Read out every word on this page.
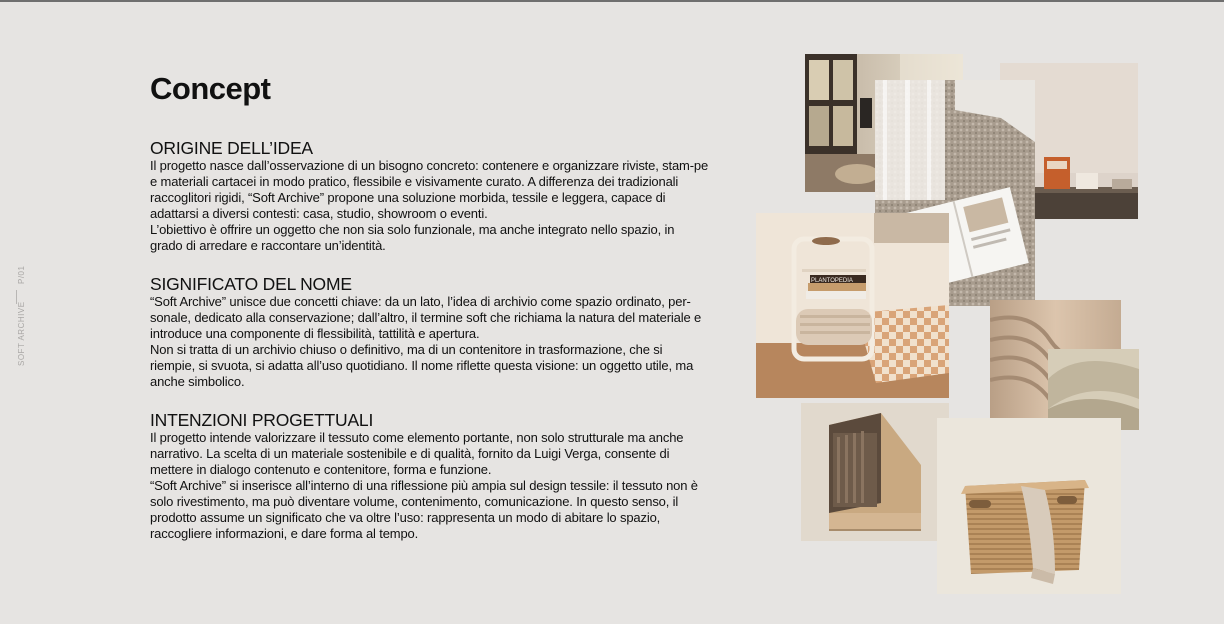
P/01
SOFT ARCHIVE
Concept
ORIGINE DELL’IDEA

Il progetto nasce dall’osservazione di un bisogno concreto: contenere e organizzare riviste, stam-pe e materiali cartacei in modo pratico, flessibile e visivamente curato. A differenza dei tradizionali raccoglitori rigidi, “Soft Archive” propone una soluzione morbida, tessile e leggera, capace di adattarsi a diversi contesti: casa, studio, showroom o eventi.

L’obiettivo è offrire un oggetto che non sia solo funzionale, ma anche integrato nello spazio, in grado di arredare e raccontare un’identità.

SIGNIFICATO DEL NOME

“Soft Archive” unisce due concetti chiave: da un lato, l’idea di archivio come spazio ordinato, per-sonale, dedicato alla conservazione; dall’altro, il termine soft che richiama la natura del materiale e introduce una componente di flessibilità, tattilità e apertura.

Non si tratta di un archivio chiuso o definitivo, ma di un contenitore in trasformazione, che si riempie, si svuota, si adatta all’uso quotidiano. Il nome riflette questa visione: un oggetto utile, ma anche simbolico.

INTENZIONI PROGETTUALI

Il progetto intende valorizzare il tessuto come elemento portante, non solo strutturale ma anche narrativo. La scelta di un materiale sostenibile e di qualità, fornito da Luigi Verga, consente di mettere in dialogo contenuto e contenitore, forma e funzione.

“Soft Archive” si inserisce all’interno di una riflessione più ampia sul design tessile: il tessuto non è solo rivestimento, ma può diventare volume, contenimento, comunicazione. In questo senso, il prodotto assume un significato che va oltre l’uso: rappresenta un modo di abitare lo spazio, raccogliere informazioni, e dare forma al tempo.

PLANTOPEDIA
